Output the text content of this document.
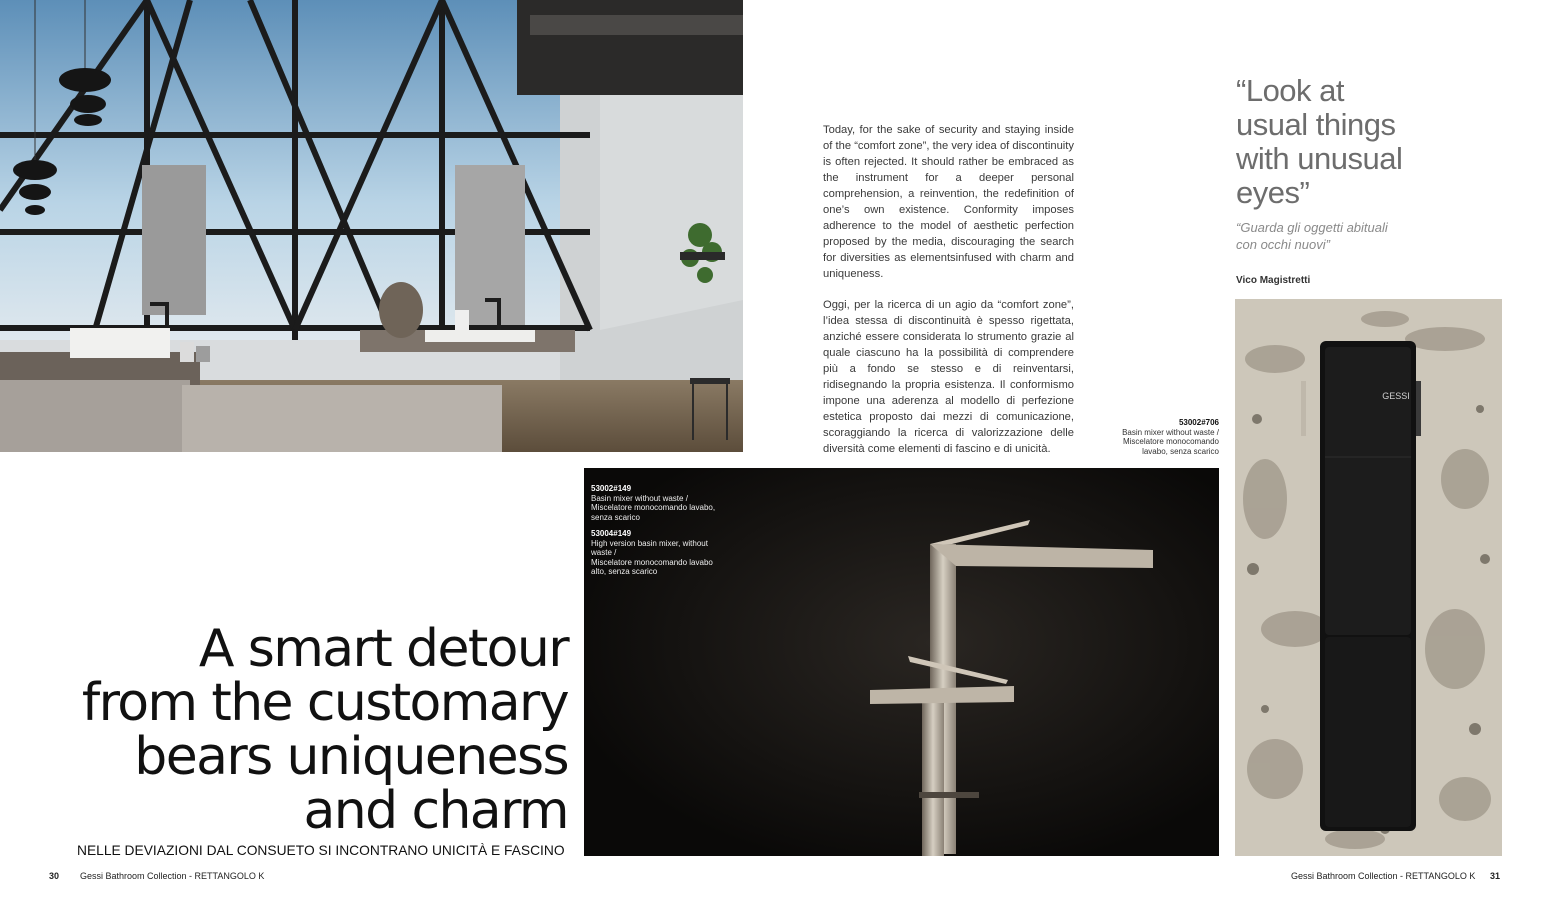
Today, for the sake of security and staying inside of the “comfort zone”, the very idea of discontinuity is often rejected. It should rather be embraced as the instrument for a deeper personal comprehension, a reinvention, the redefinition of one’s own existence. Conformity imposes adherence to the model of aesthetic perfection proposed by the media, discouraging the search for diversities as elementsinfused with charm and uniqueness.

Oggi, per la ricerca di un agio da “comfort zone”, l’idea stessa di discontinuità è spesso rigettata, anziché essere considerata lo strumento grazie al quale ciascuno ha la possibilità di comprendere più a fondo se stesso e di reinventarsi, ridisegnando la propria esistenza. Il conformismo impone una aderenza al modello di perfezione estetica proposto dai mezzi di comunicazione, scoraggiando la ricerca di valorizzazione delle diversità come elementi di fascino e di unicità.

“Look at
usual things
with unusual
eyes”

“Guarda gli oggetti abituali
con occhi nuovi”

Vico Magistretti
53002#706
Basin mixer without waste /
Miscelatore monocomando
lavabo, senza scarico
53002#149
Basin mixer without waste /
Miscelatore monocomando lavabo,
senza scarico
53004#149
High version basin mixer, without
waste /
Miscelatore monocomando lavabo
alto, senza scarico
GESSI
A smart detour
from the customary
bears uniqueness
and charm
NELLE DEVIAZIONI DAL CONSUETO SI INCONTRANO UNICITÀ E FASCINO
30 Gessi Bathroom Collection - RETTANGOLO K	Gessi Bathroom Collection - RETTANGOLO K 31
